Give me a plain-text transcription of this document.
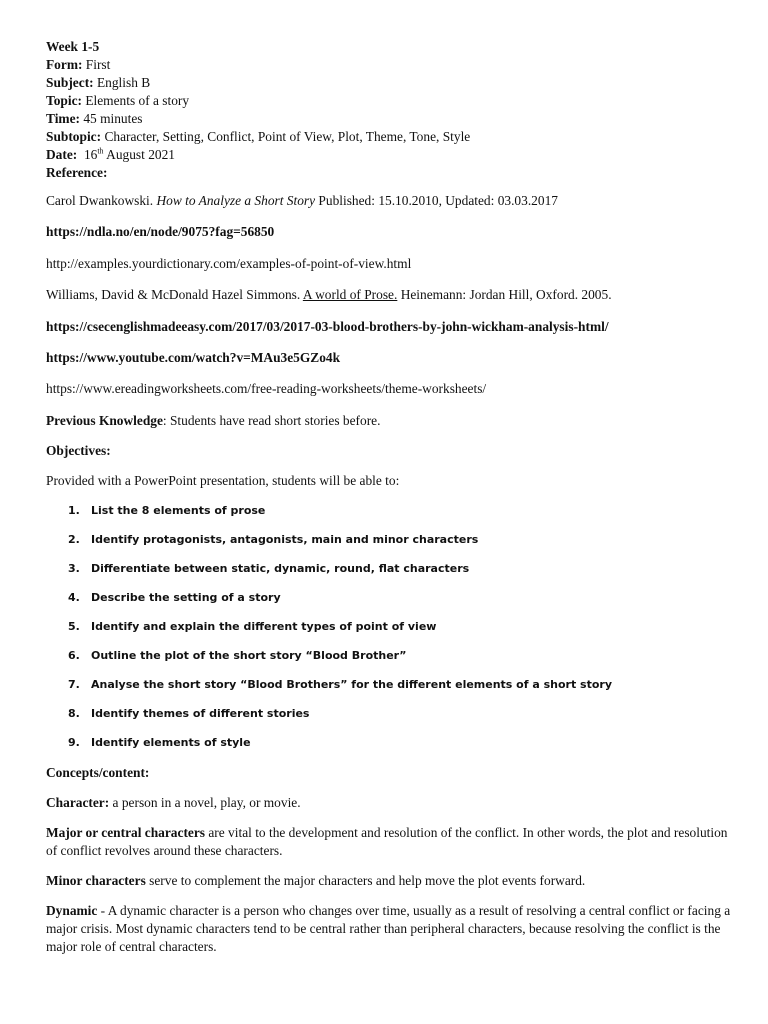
Week 1-5

Form: First

Subject: English B

Topic: Elements of a story

Time: 45 minutes

Subtopic: Character, Setting, Conflict, Point of View, Plot, Theme, Tone, Style

Date: 16th August 2021

Reference:

Carol Dwankowski. How to Analyze a Short Story Published: 15.10.2010, Updated: 03.03.2017

https://ndla.no/en/node/9075?fag=56850

http://examples.yourdictionary.com/examples-of-point-of-view.html

Williams, David & McDonald Hazel Simmons. A world of Prose. Heinemann: Jordan Hill, Oxford. 2005.

https://csecenglishmadeeasy.com/2017/03/2017-03-blood-brothers-by-john-wickham-analysis-html/

https://www.youtube.com/watch?v=MAu3e5GZo4k

https://www.ereadingworksheets.com/free-reading-worksheets/theme-worksheets/

Previous Knowledge: Students have read short stories before.

Objectives:

Provided with a PowerPoint presentation, students will be able to:

1.	List the 8 elements of prose
2.	Identify protagonists, antagonists, main and minor characters
3.	Differentiate between static, dynamic, round, flat characters
4.	Describe the setting of a story
5.	Identify and explain the different types of point of view
6.	Outline the plot of the short story “Blood Brother”
7.	Analyse the short story “Blood Brothers” for the different elements of a short story
8.	Identify themes of different stories
9.	Identify elements of style

Concepts/content:

Character: a person in a novel, play, or movie.

Major or central characters are vital to the development and resolution of the conflict. In other words, the plot and resolution of conflict revolves around these characters.

Minor characters serve to complement the major characters and help move the plot events forward.

Dynamic - A dynamic character is a person who changes over time, usually as a result of resolving a central conflict or facing a major crisis. Most dynamic characters tend to be central rather than peripheral characters, because resolving the conflict is the major role of central characters.
